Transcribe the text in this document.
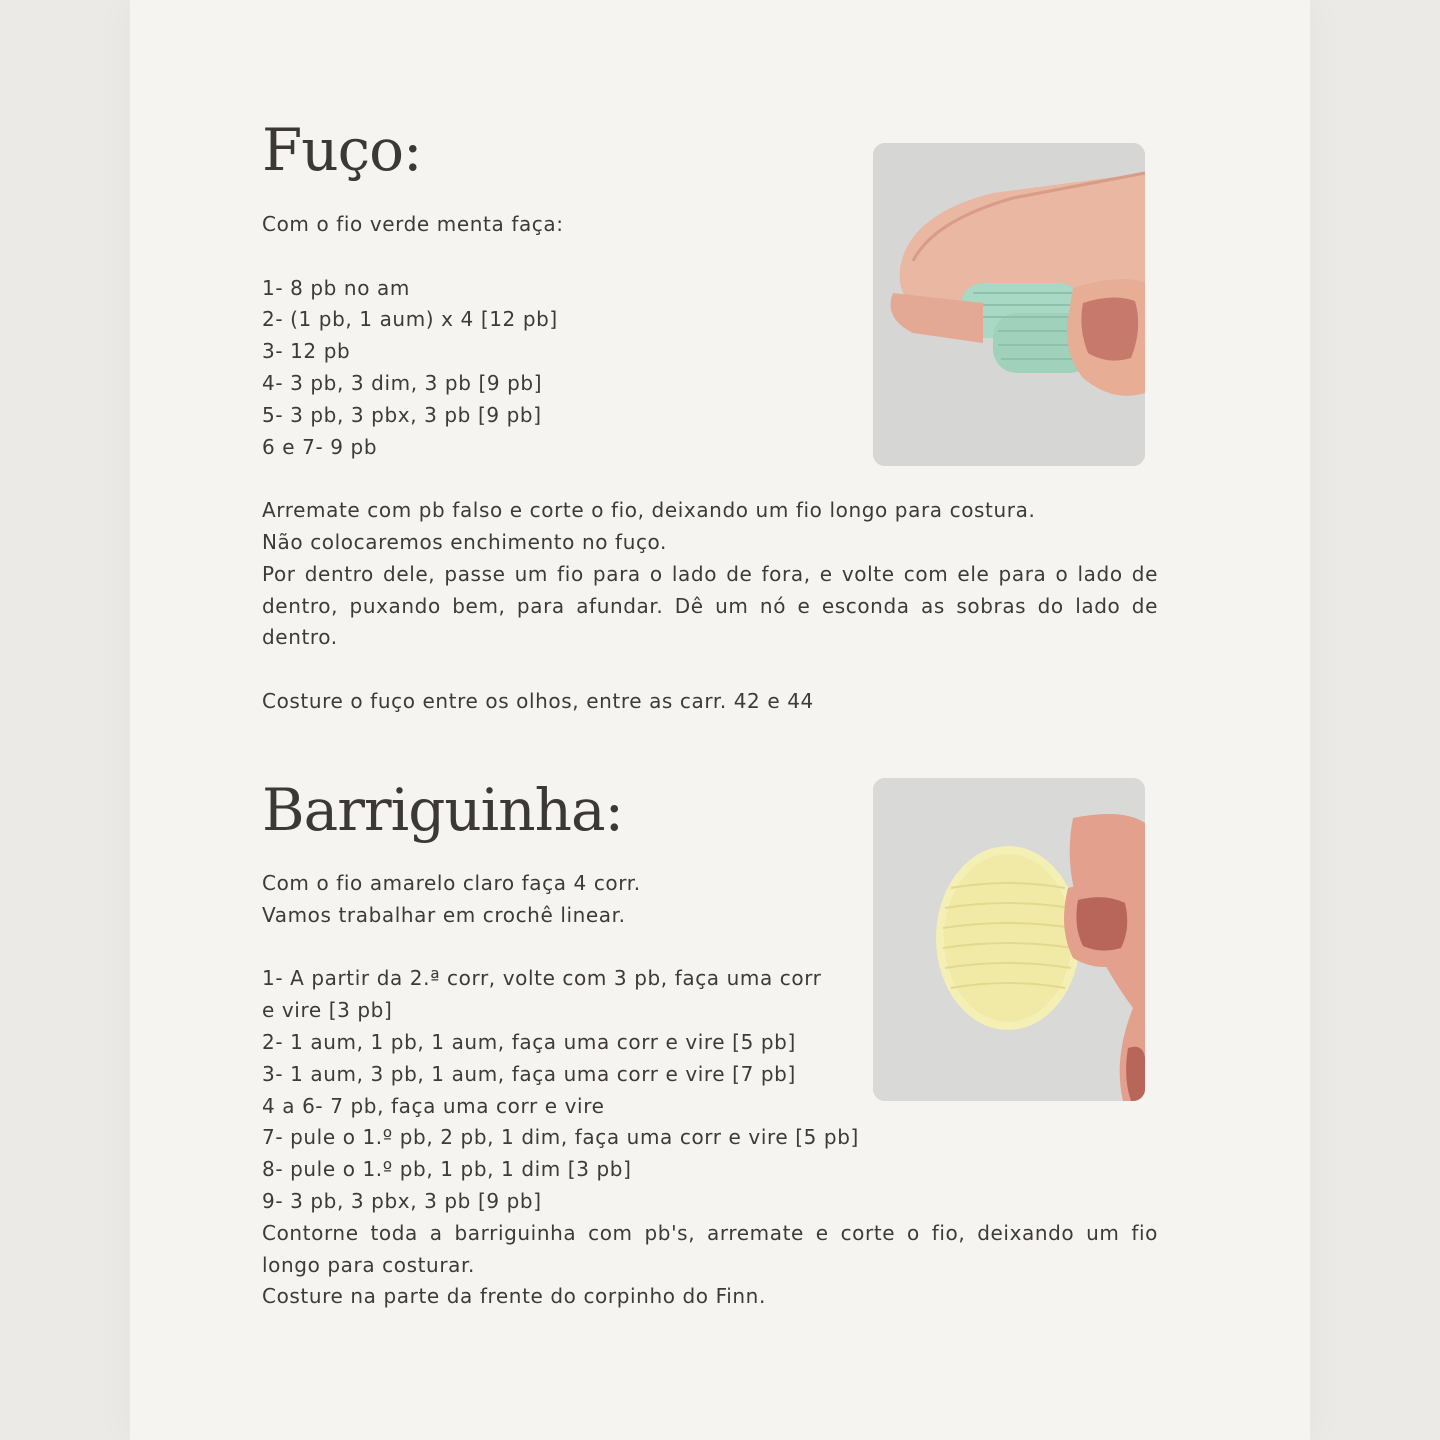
Fuço:
Com o fio verde menta faça:
1- 8 pb no am
2- (1 pb, 1 aum) x 4 [12 pb]
3- 12 pb
4- 3 pb, 3 dim, 3 pb [9 pb]
5- 3 pb, 3 pbx, 3 pb [9 pb]
6 e 7- 9 pb
Arremate com pb falso e corte o fio, deixando um fio longo para costura.
Não colocaremos enchimento no fuço.
Por dentro dele, passe um fio para o lado de fora, e volte com ele para o lado de dentro, puxando bem, para afundar. Dê um nó e esconda as sobras do lado de dentro.
Costure o fuço entre os olhos, entre as carr. 42 e 44
Barriguinha:
Com o fio amarelo claro faça 4 corr.
Vamos trabalhar em crochê linear.
1- A partir da 2.ª corr, volte com 3 pb, faça uma corr
e vire [3 pb]
2- 1 aum, 1 pb, 1 aum, faça uma corr e vire [5 pb]
3- 1 aum, 3 pb, 1 aum, faça uma corr e vire [7 pb]
4 a 6- 7 pb, faça uma corr e vire
7- pule o 1.º pb, 2 pb, 1 dim, faça uma corr e vire [5 pb]
8- pule o 1.º pb, 1 pb, 1 dim [3 pb]
9- 3 pb, 3 pbx, 3 pb [9 pb]
Contorne toda a barriguinha com pb's, arremate e corte o fio, deixando um fio longo para costurar.
Costure na parte da frente do corpinho do Finn.
